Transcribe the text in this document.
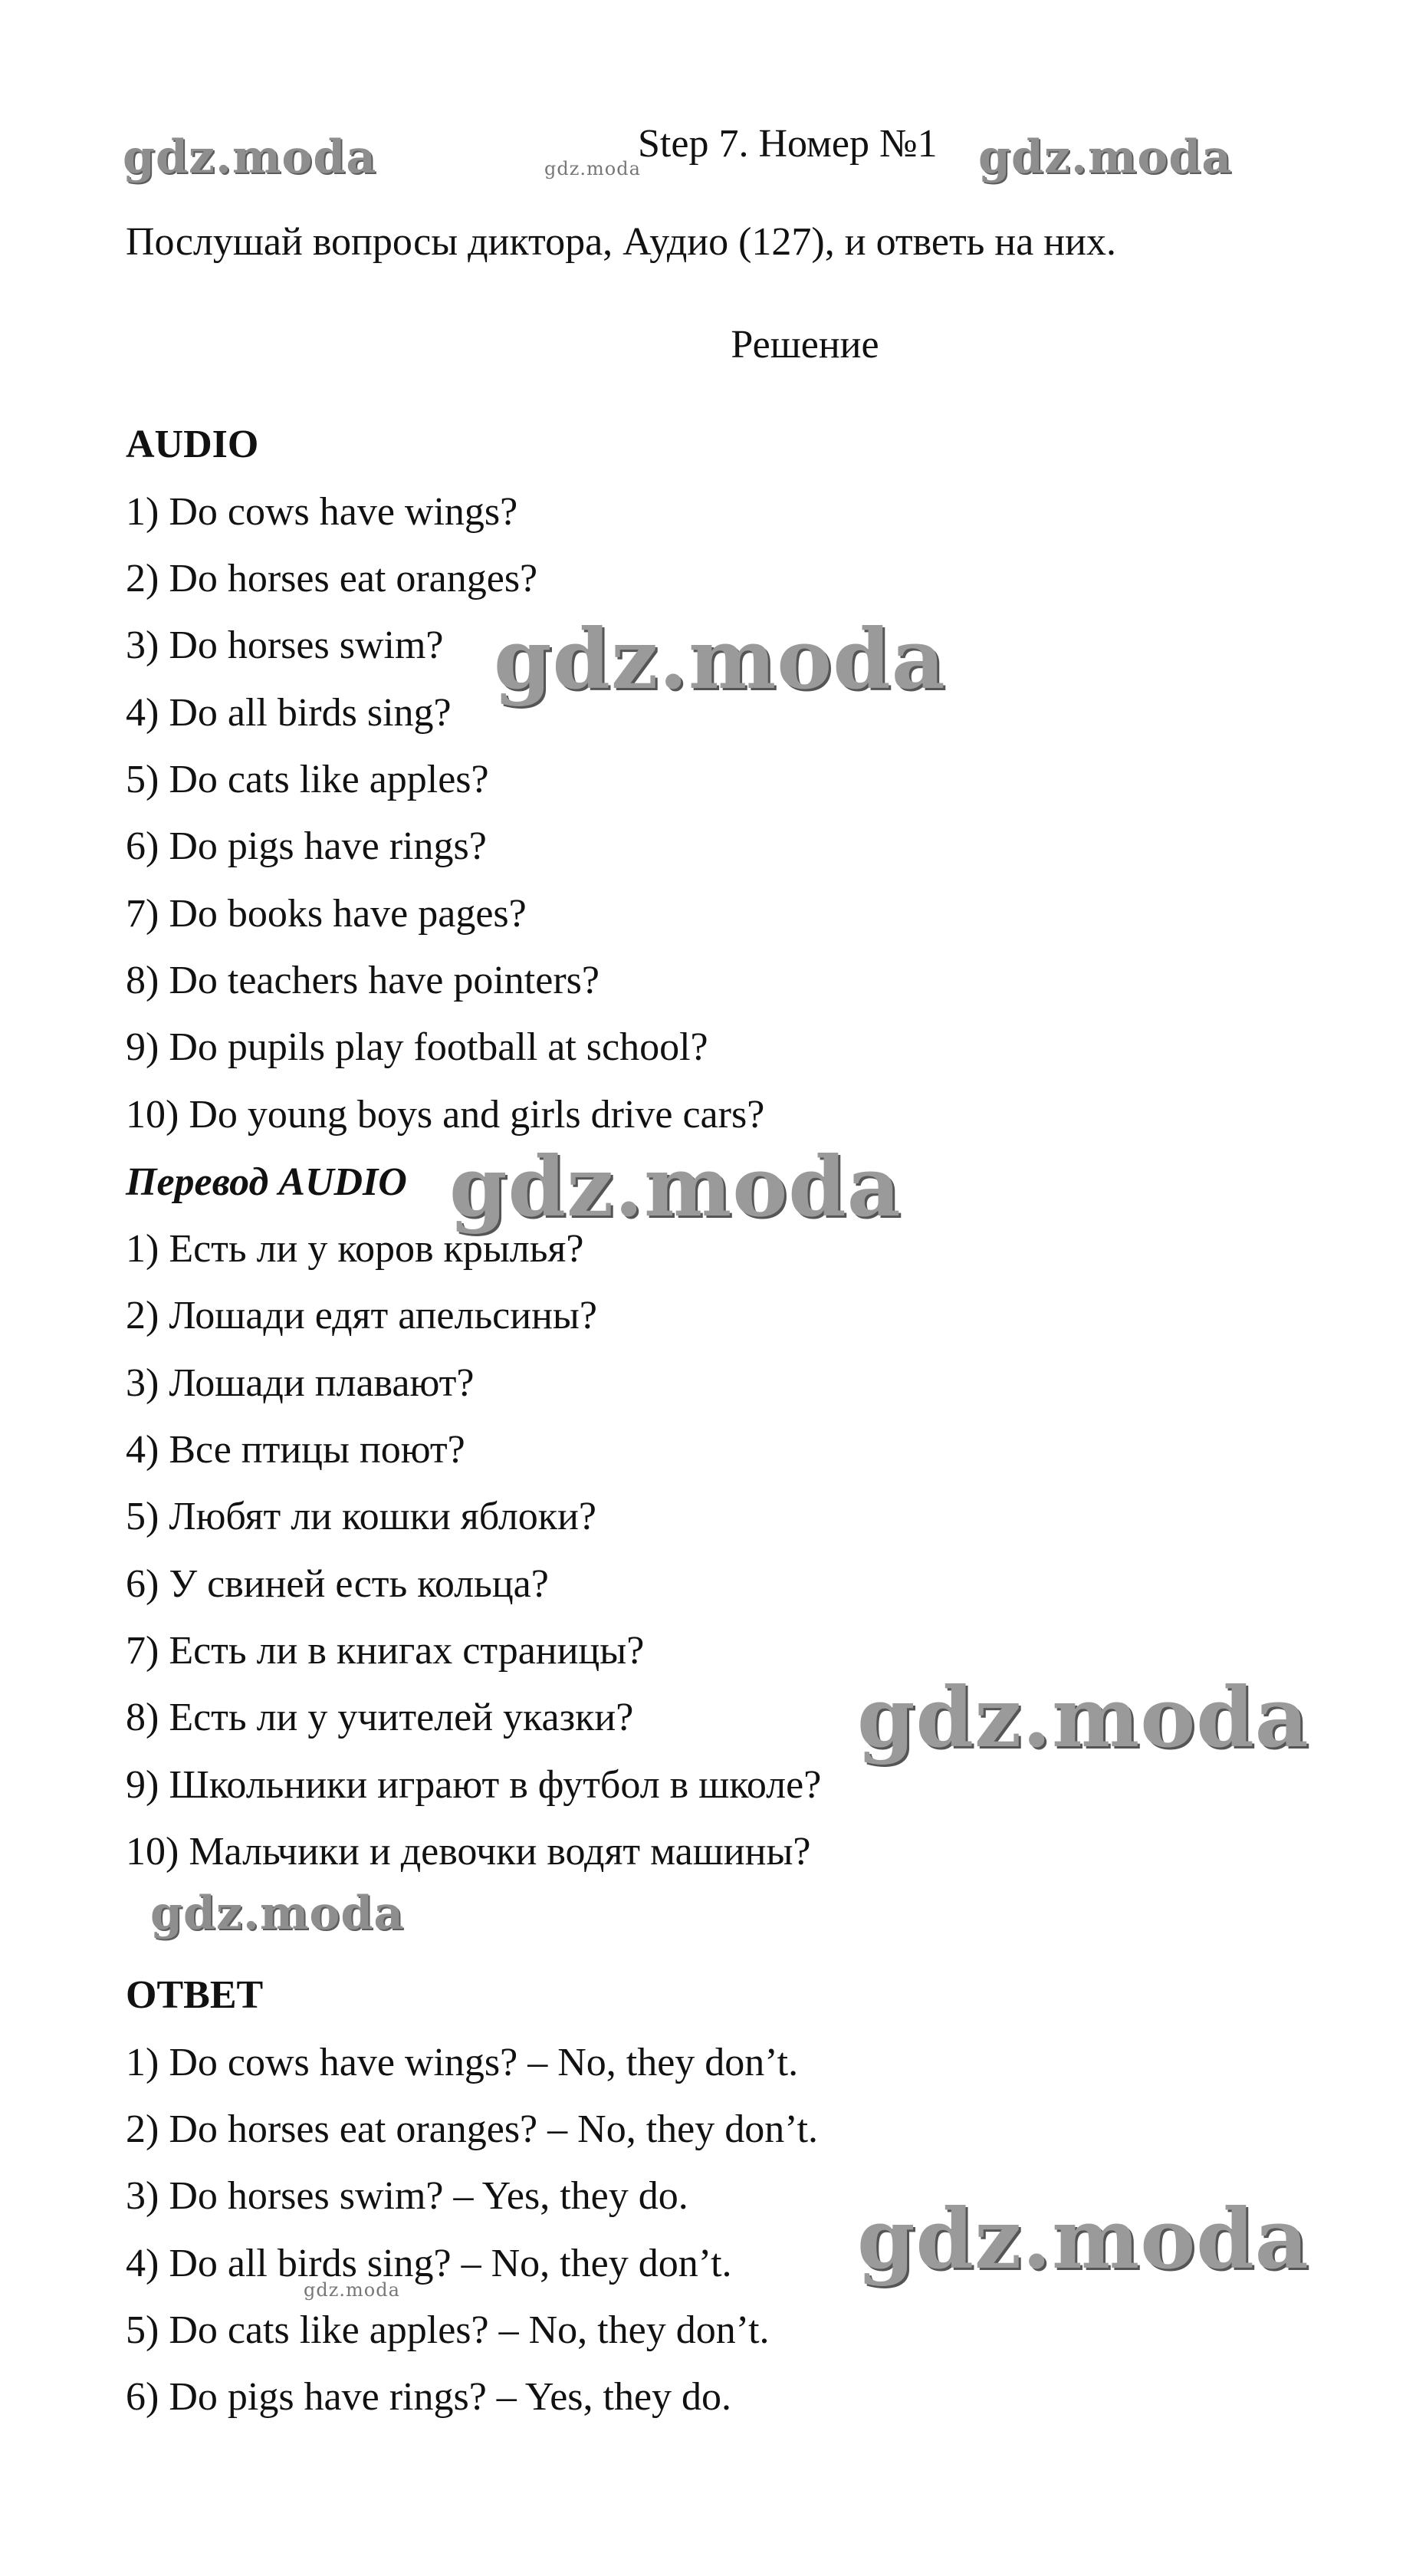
gdz.moda	gdz.moda
Step 7. Номер №1 gdz.moda
Послушай вопросы диктора, Аудио (127), и ответь на них.
Решение
AUDIO
1) Do cows have wings?
2) Do horses eat oranges?
3) Do horses swim?
4) Do all birds sing?
5) Do cats like apples?
6) Do pigs have rings?
7) Do books have pages?
8) Do teachers have pointers?
9) Do pupils play football at school?
10) Do young boys and girls drive cars?
gdz.moda
Перевод AUDIO gdz.moda
1) Есть ли у коров крылья?
2) Лошади едят апельсины?
3) Лошади плавают?
4) Все птицы поют?
5) Любят ли кошки яблоки?
6) У свиней есть кольца?
7) Есть ли в книгах страницы?
8) Есть ли у учителей указки?
9) Школьники играют в футбол в школе?
10) Мальчики и девочки водят машины?
gdz.moda
gdz.moda
ОТВЕТ
1) Do cows have wings? – No, they don’t.
2) Do horses eat oranges? – No, they don’t.
3) Do horses swim? – Yes, they do.
4) Do all birds sing? – No, they don’t.
5) Do cats like apples? – No, they don’t.
6) Do pigs have rings? – Yes, they do.
gdz.moda
gdz.moda
